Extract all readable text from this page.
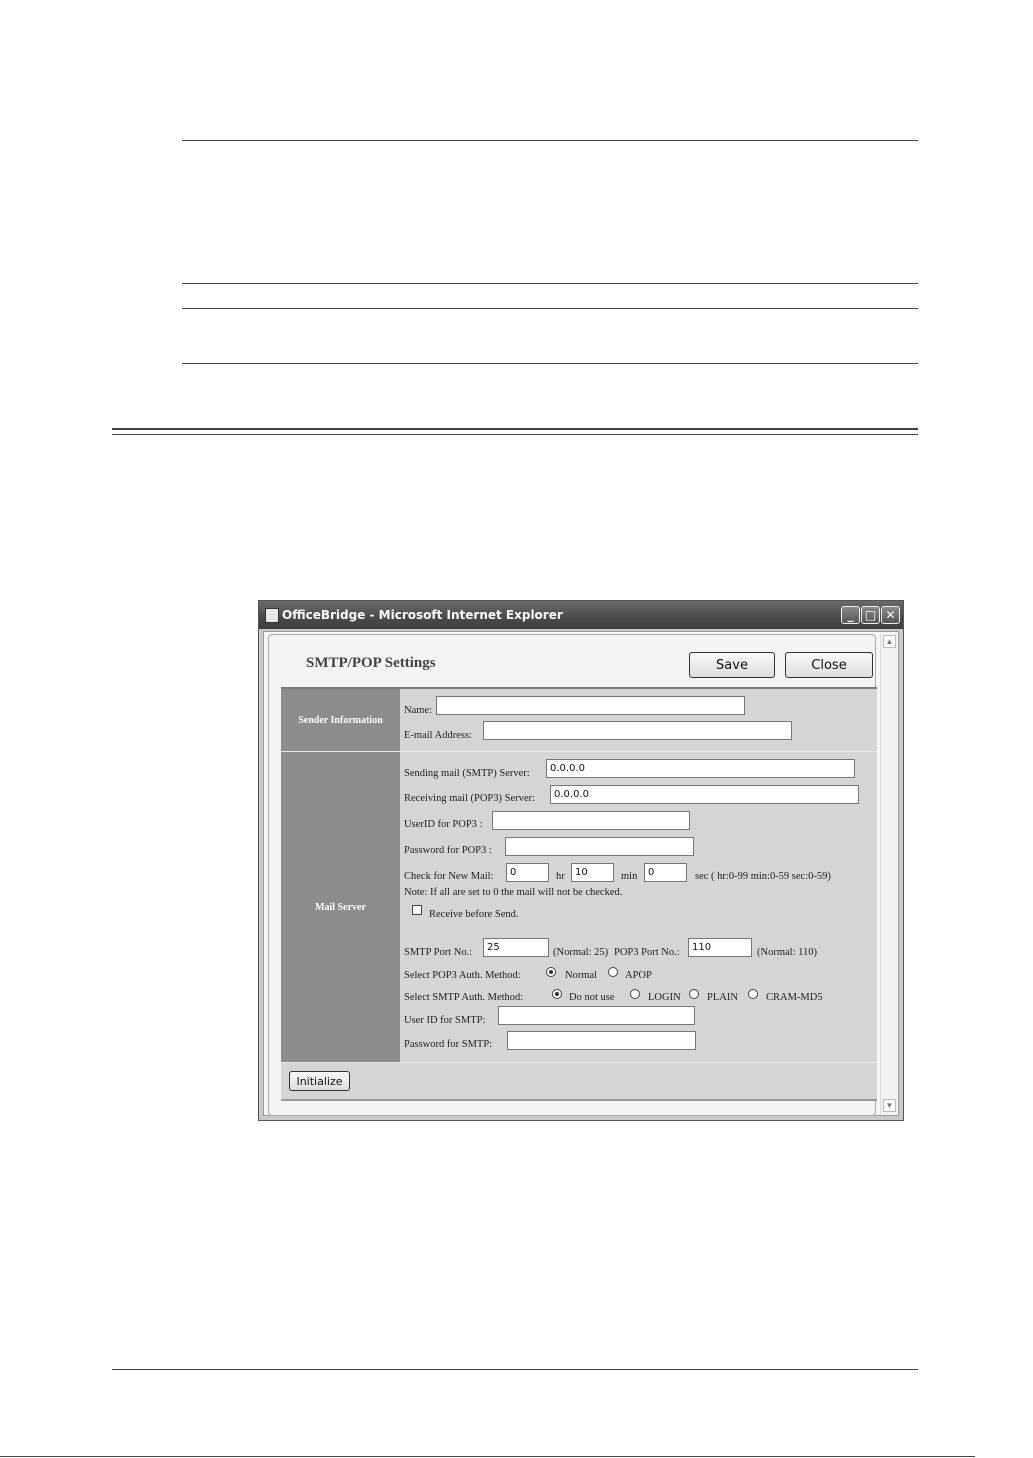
OfficeBridge - Microsoft Internet Explorer	_ □ ✕
▲
▼
SMTP/POP Settings	Save	Close
Sender Information
Name:
E-mail Address:
Mail Server
Sending mail (SMTP) Server:	0.0.0.0
Receiving mail (POP3) Server:	0.0.0.0
UserID for POP3 :
Password for POP3 :
Check for New Mail:	0	hr	10	min	0	sec ( hr:0-99 min:0-59 sec:0-59)
Note: If all are set to 0 the mail will not be checked.
Receive before Send.
SMTP Port No.:	25	(Normal: 25) POP3 Port No.:	110	(Normal: 110)
Select POP3 Auth. Method:	Normal	APOP
Select SMTP Auth. Method:	Do not use	LOGIN	PLAIN	CRAM-MD5
User ID for SMTP:
Password for SMTP:
Initialize
